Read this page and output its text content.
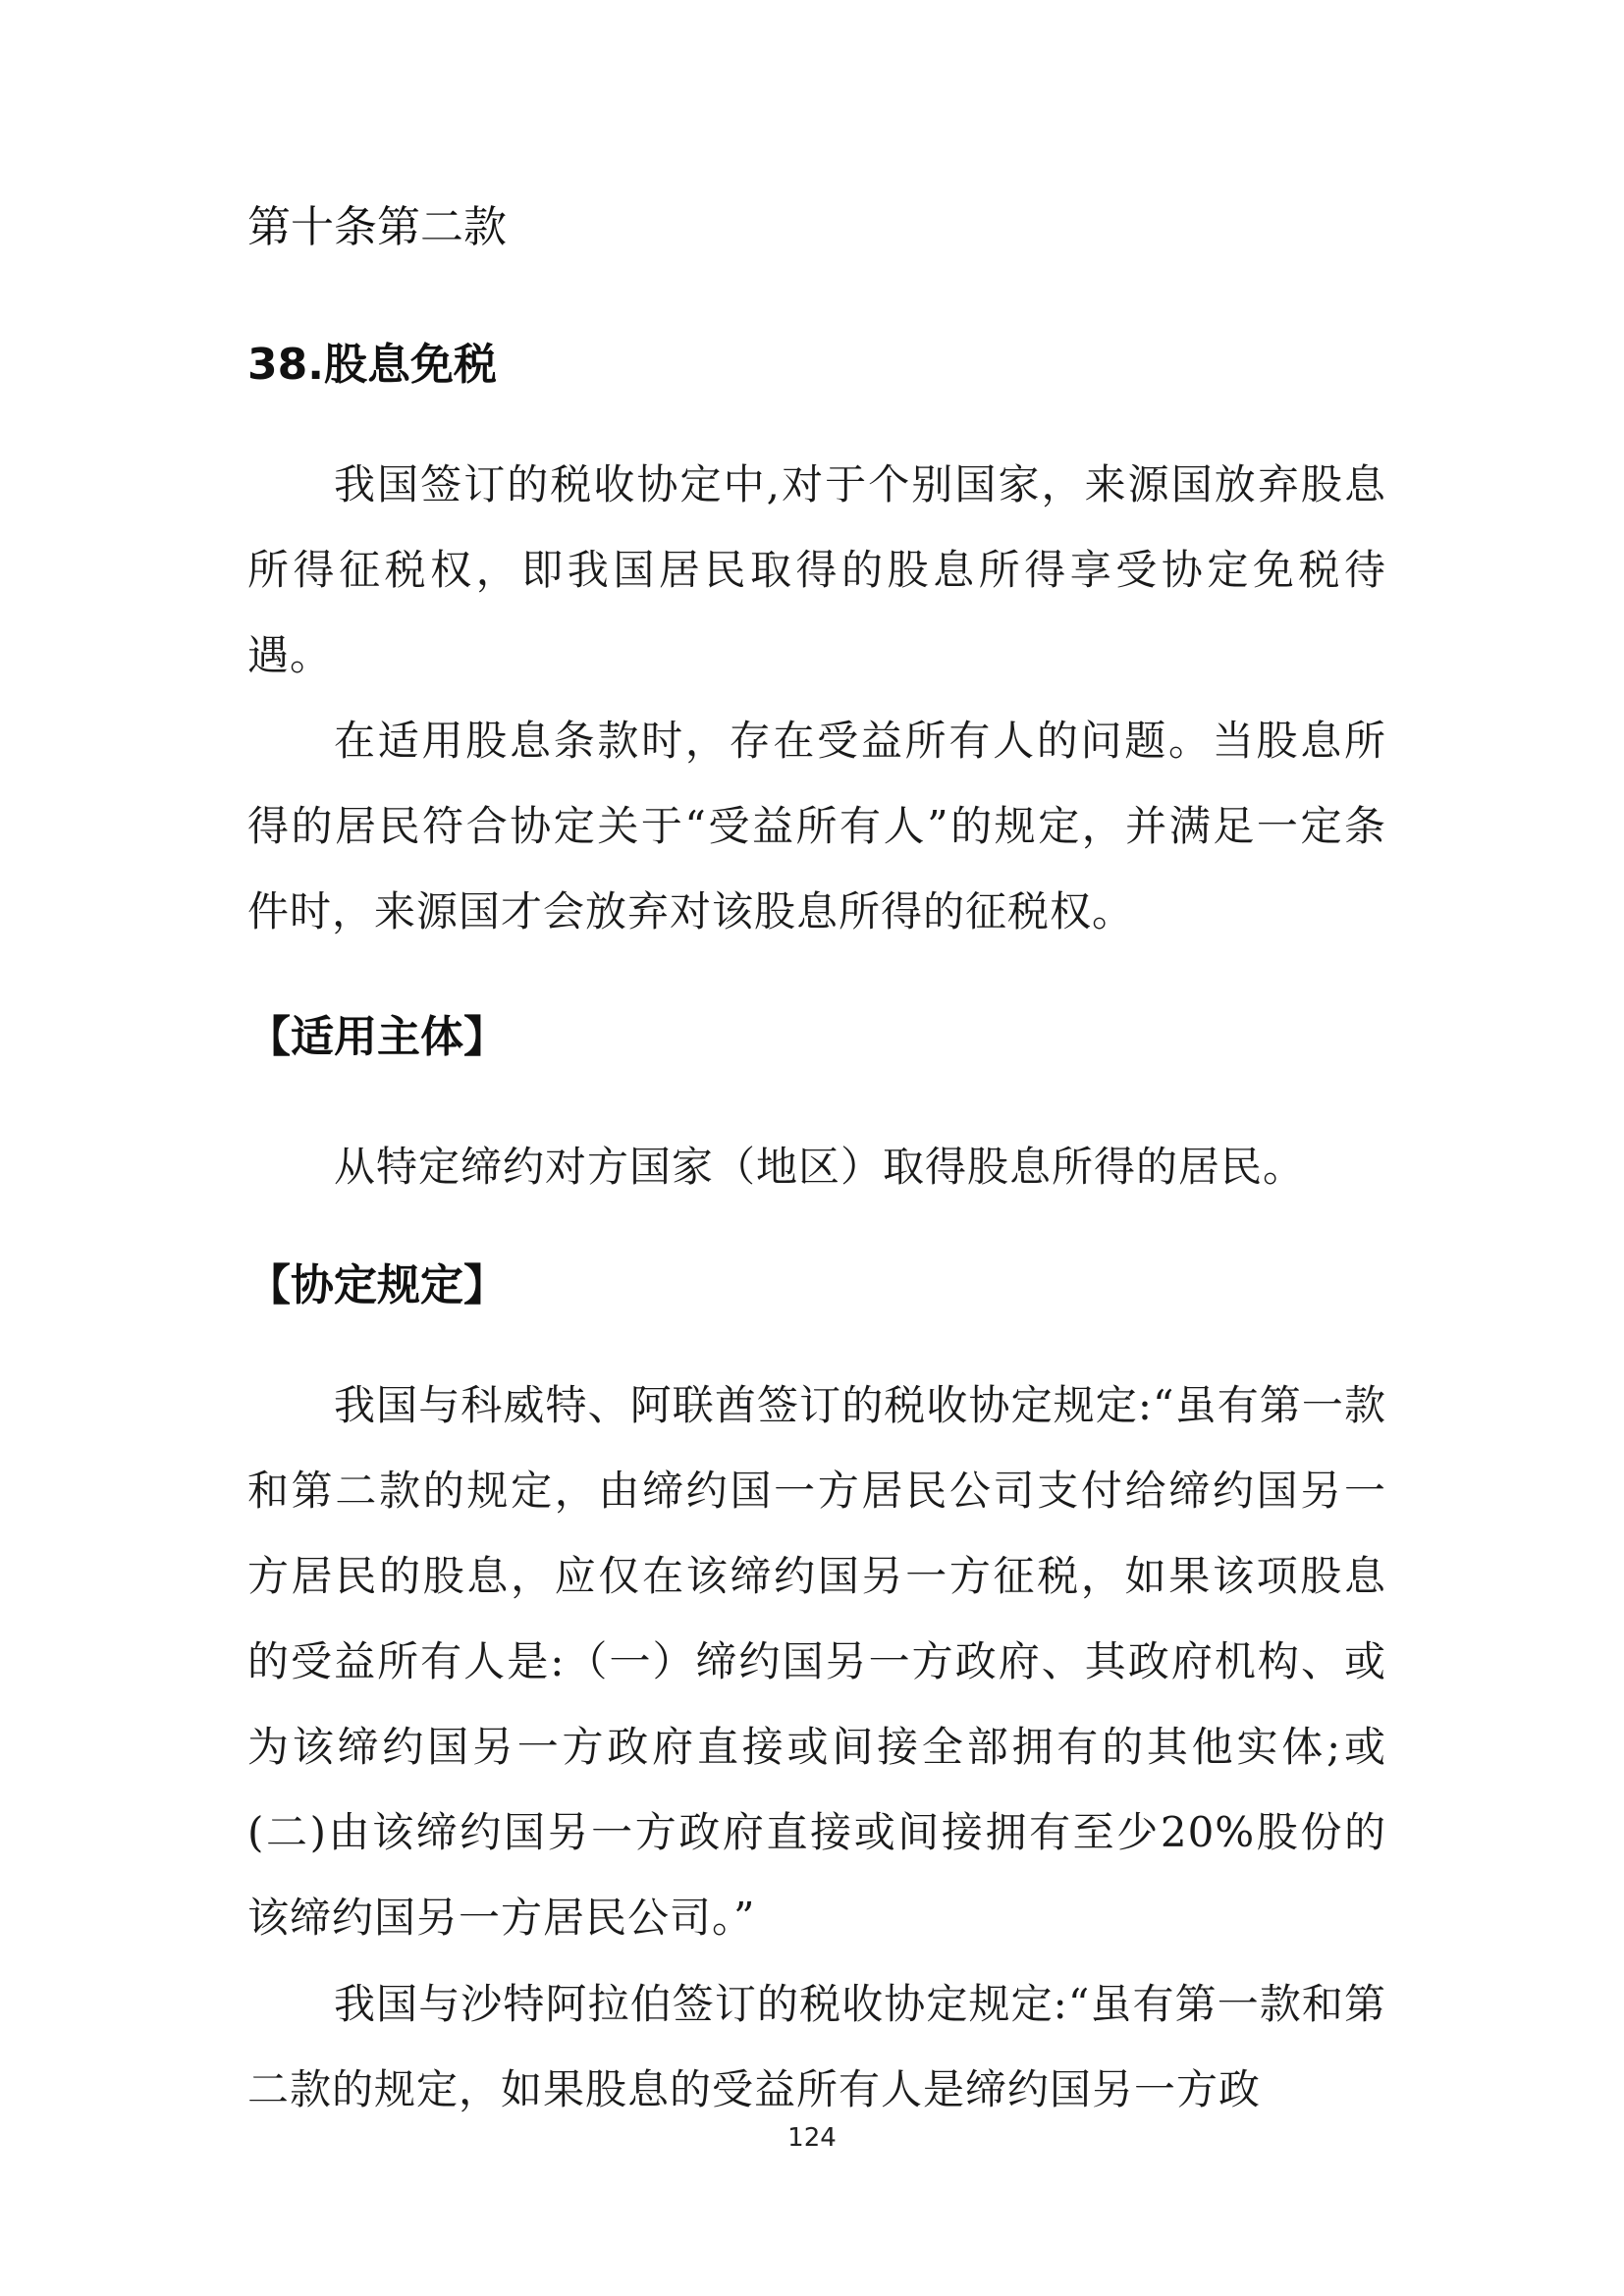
第十条第二款
38.股息免税
我国签订的税收协定中,对于个别国家，来源国放弃股息所得征税权，即我国居民取得的股息所得享受协定免税待遇。
在适用股息条款时，存在受益所有人的问题。当股息所得的居民符合协定关于“受益所有人”的规定，并满足一定条件时，来源国才会放弃对该股息所得的征税权。
【适用主体】
从特定缔约对方国家（地区）取得股息所得的居民。
【协定规定】
我国与科威特、阿联酋签订的税收协定规定:“虽有第一款和第二款的规定，由缔约国一方居民公司支付给缔约国另一方居民的股息，应仅在该缔约国另一方征税，如果该项股息的受益所有人是:（一）缔约国另一方政府、其政府机构、或为该缔约国另一方政府直接或间接全部拥有的其他实体;或(二)由该缔约国另一方政府直接或间接拥有至少20%股份的该缔约国另一方居民公司。”
我国与沙特阿拉伯签订的税收协定规定:“虽有第一款和第二款的规定，如果股息的受益所有人是缔约国另一方政
124
